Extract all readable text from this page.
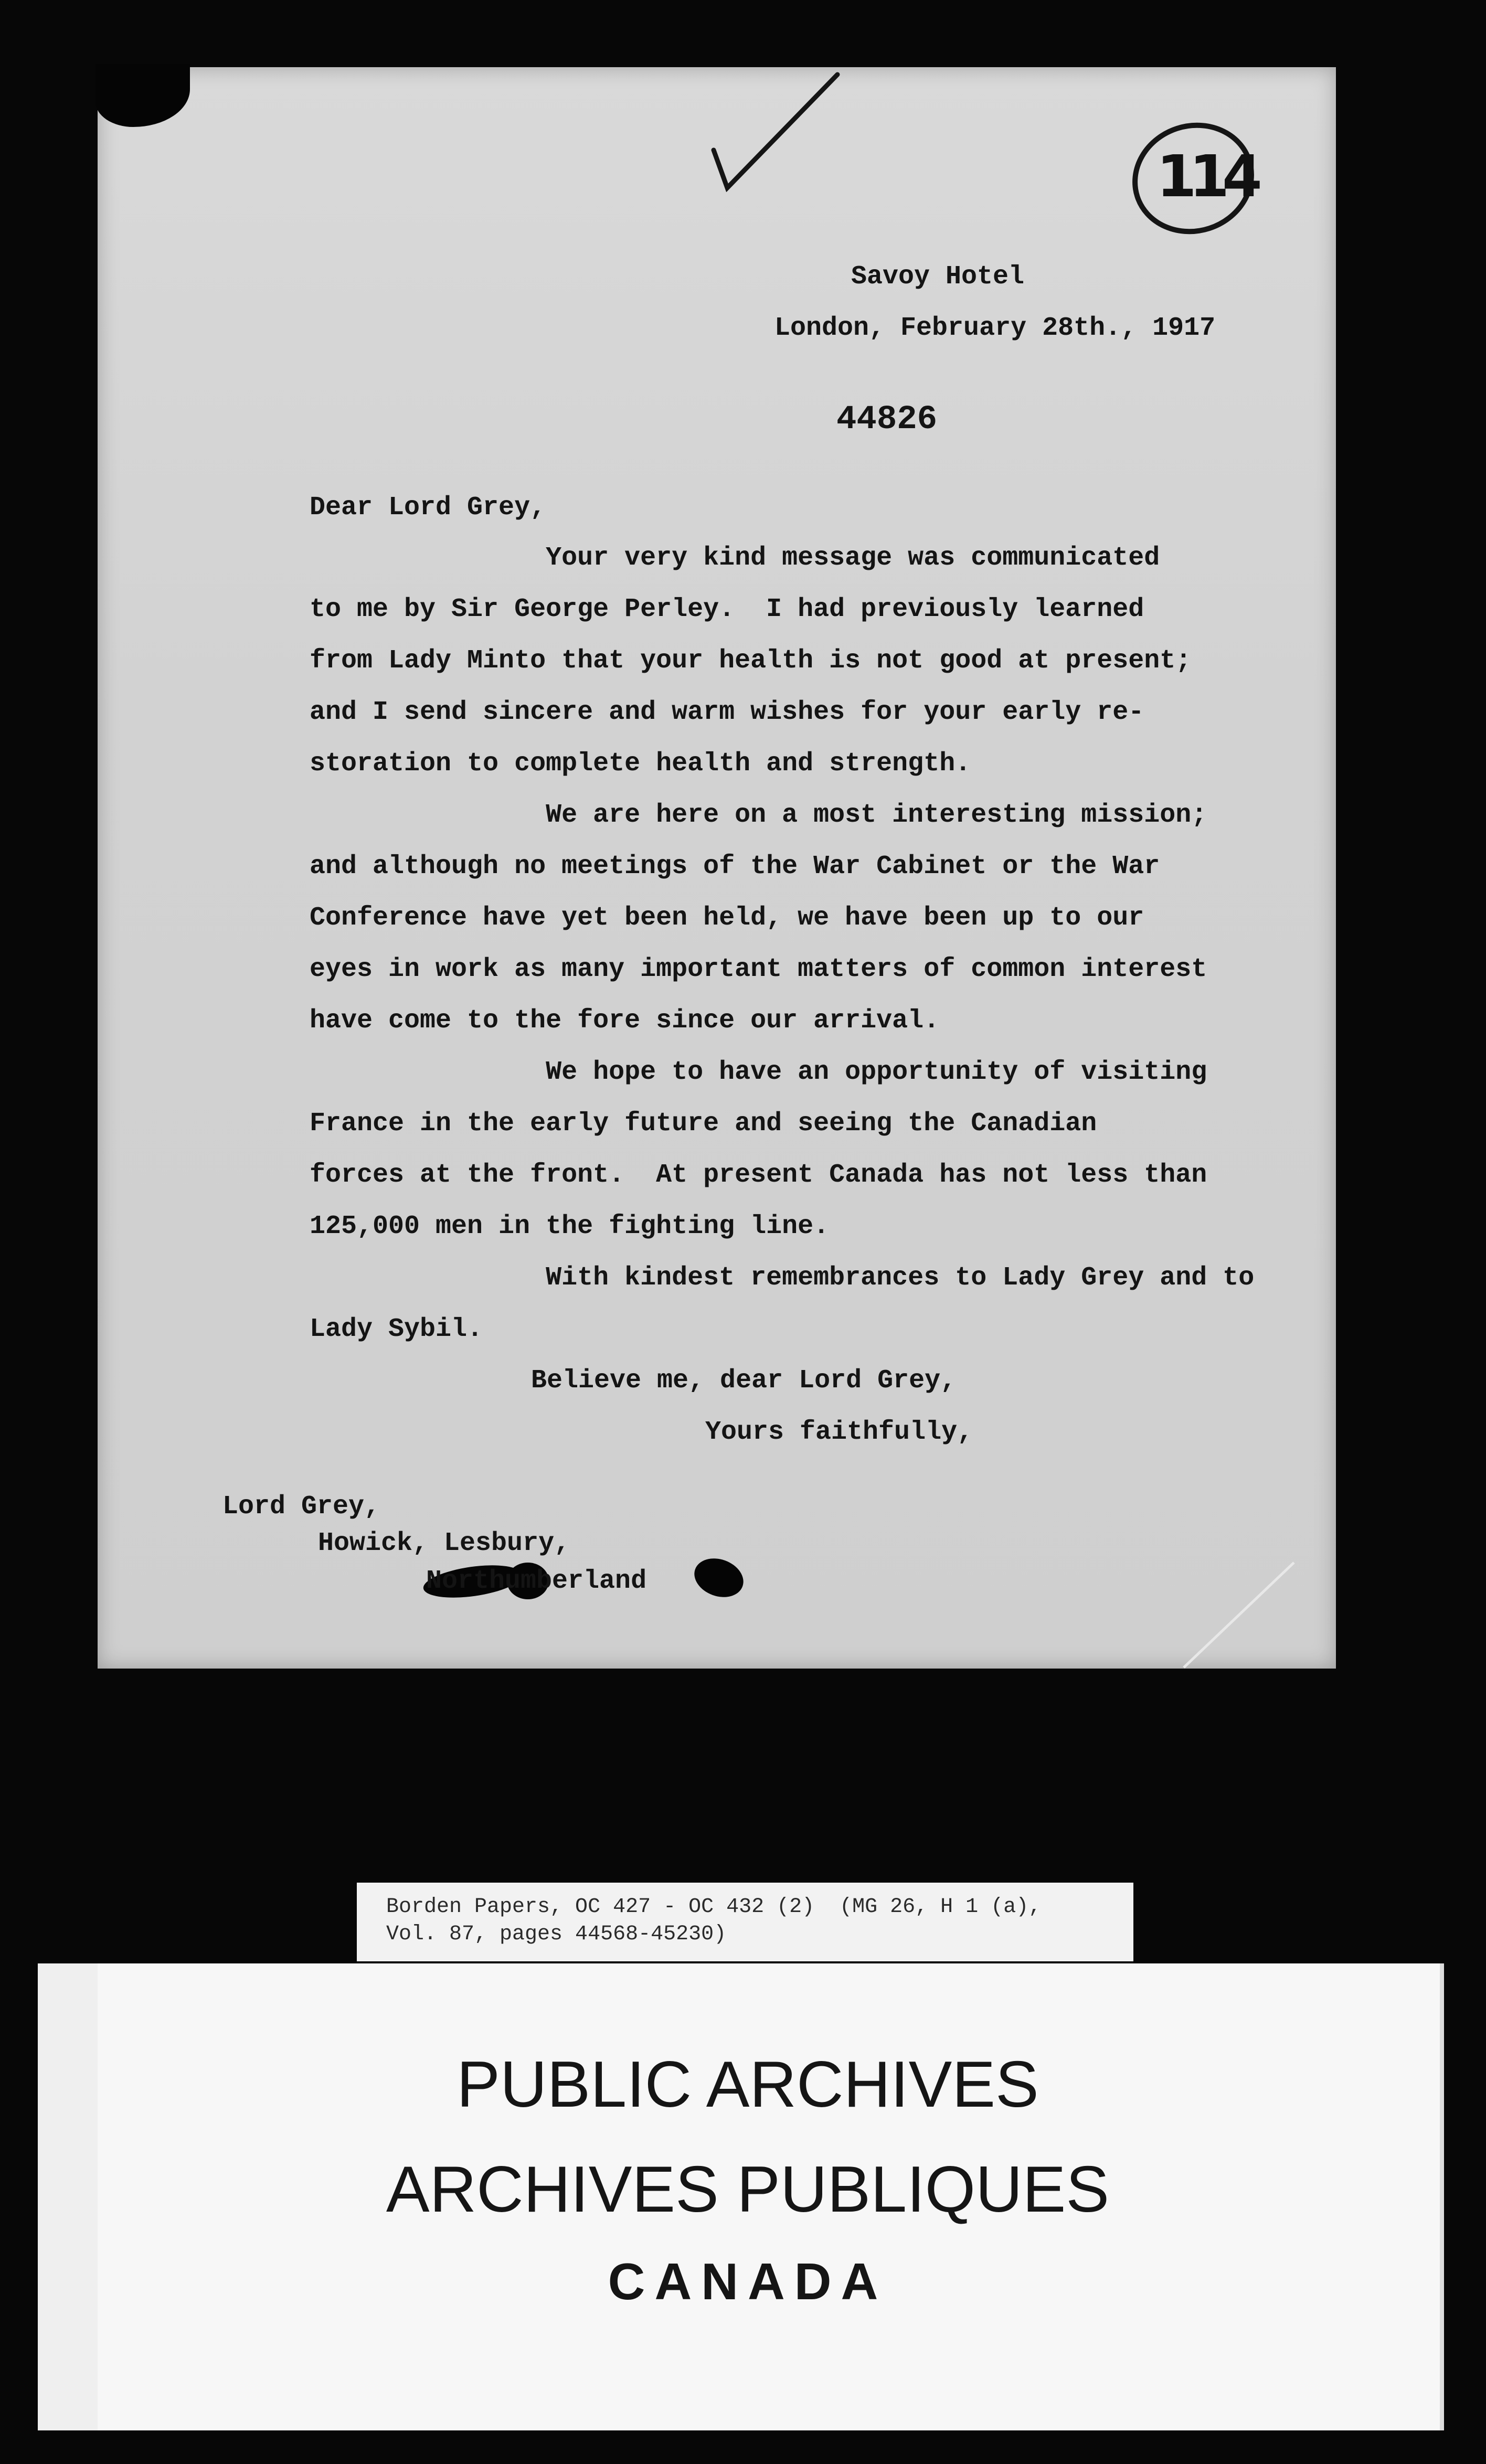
114
Savoy Hotel
London, February 28th., 1917
44826
Dear Lord Grey,
Your very kind message was communicated
to me by Sir George Perley.  I had previously learned
from Lady Minto that your health is not good at present;
and I send sincere and warm wishes for your early re-
storation to complete health and strength.
We are here on a most interesting mission;
and although no meetings of the War Cabinet or the War
Conference have yet been held, we have been up to our
eyes in work as many important matters of common interest
have come to the fore since our arrival.
We hope to have an opportunity of visiting
France in the early future and seeing the Canadian
forces at the front.  At present Canada has not less than
125,000 men in the fighting line.
With kindest remembrances to Lady Grey and to
Lady Sybil.
Believe me, dear Lord Grey,
Yours faithfully,
Lord Grey,
Howick, Lesbury,
Northumberland
Borden Papers, OC 427 - OC 432 (2)  (MG 26, H 1 (a),
Vol. 87, pages 44568-45230)
PUBLIC ARCHIVES
ARCHIVES PUBLIQUES
CANADA
